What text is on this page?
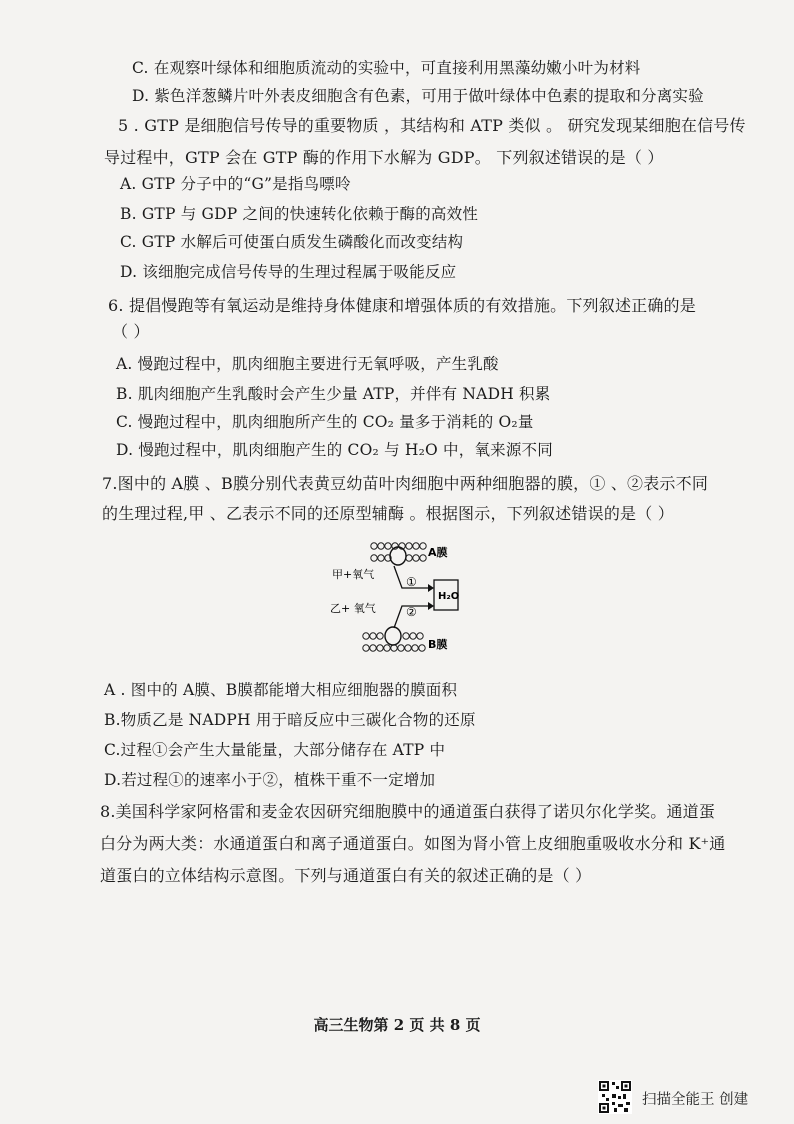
C. 在观察叶绿体和细胞质流动的实验中，可直接利用黑藻幼嫩小叶为材料
D. 紫色洋葱鳞片叶外表皮细胞含有色素，可用于做叶绿体中色素的提取和分离实验
5 . GTP 是细胞信号传导的重要物质 ，其结构和 ATP 类似 。 研究发现某细胞在信号传
导过程中，GTP 会在 GTP 酶的作用下水解为 GDP。 下列叙述错误的是（ ）
A. GTP 分子中的“G”是指鸟嘌呤
B. GTP 与 GDP 之间的快速转化依赖于酶的高效性
C. GTP 水解后可使蛋白质发生磷酸化而改变结构
D. 该细胞完成信号传导的生理过程属于吸能反应
6. 提倡慢跑等有氧运动是维持身体健康和增强体质的有效措施。下列叙述正确的是
（ ）
A. 慢跑过程中，肌肉细胞主要进行无氧呼吸，产生乳酸
B. 肌肉细胞产生乳酸时会产生少量 ATP，并伴有 NADH 积累
C. 慢跑过程中，肌肉细胞所产生的 CO₂ 量多于消耗的 O₂量
D. 慢跑过程中，肌肉细胞产生的 CO₂ 与 H₂O 中，氧来源不同
7.图中的 A膜 、B膜分别代表黄豆幼苗叶肉细胞中两种细胞器的膜，① 、②表示不同
的生理过程,甲 、乙表示不同的还原型辅酶 。根据图示，下列叙述错误的是（ ）
A膜
甲+氧气
①
H₂O
乙+ 氧气	②
B膜
A . 图中的 A膜、B膜都能增大相应细胞器的膜面积
B.物质乙是 NADPH 用于暗反应中三碳化合物的还原
C.过程①会产生大量能量，大部分储存在 ATP 中
D.若过程①的速率小于②，植株干重不一定增加
8.美国科学家阿格雷和麦金农因研究细胞膜中的通道蛋白获得了诺贝尔化学奖。通道蛋
白分为两大类：水通道蛋白和离子通道蛋白。如图为肾小管上皮细胞重吸收水分和 K⁺通
道蛋白的立体结构示意图。下列与通道蛋白有关的叙述正确的是（ ）
高三生物第 2 页 共 8 页
扫描全能王 创建
